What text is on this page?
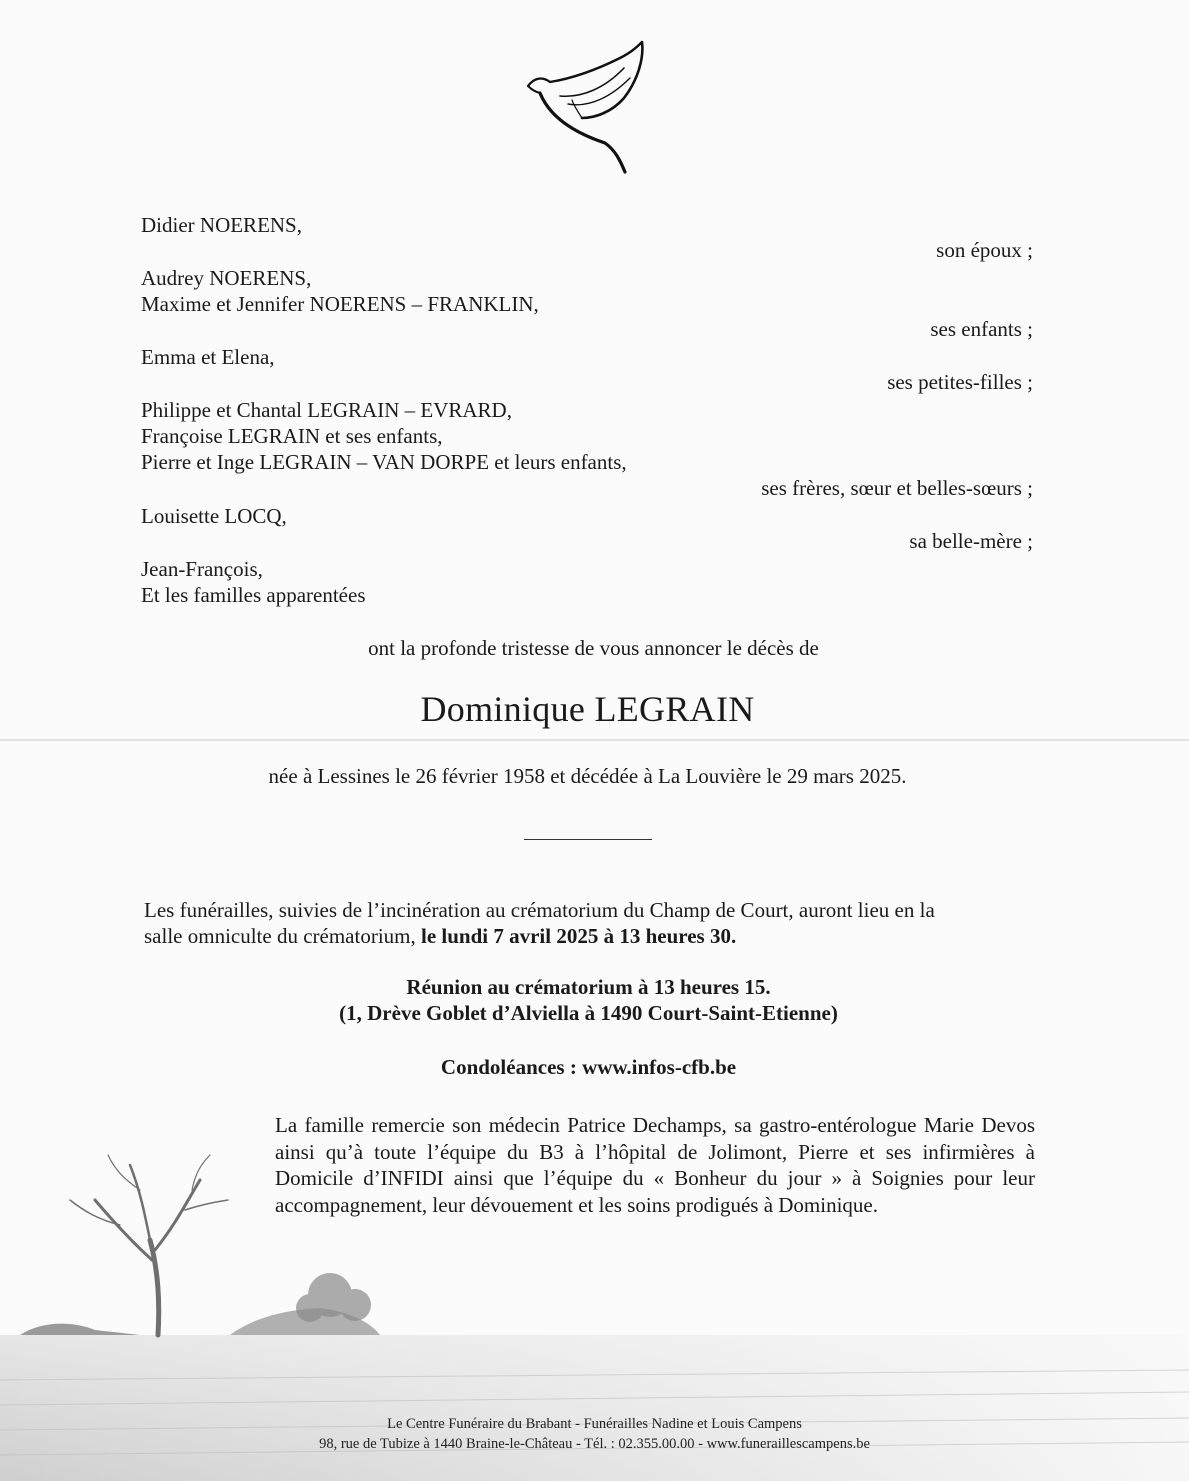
Didier NOERENS,
son époux ;
Audrey NOERENS,
Maxime et Jennifer NOERENS – FRANKLIN,
ses enfants ;
Emma et Elena,
ses petites-filles ;
Philippe et Chantal LEGRAIN – EVRARD,
Françoise LEGRAIN et ses enfants,
Pierre et Inge LEGRAIN – VAN DORPE et leurs enfants,
ses frères, sœur et belles-sœurs ;
Louisette LOCQ,
sa belle-mère ;
Jean-François,
Et les familles apparentées
ont la profonde tristesse de vous annoncer le décès de
Dominique LEGRAIN
née à Lessines le 26 février 1958 et décédée à La Louvière le 29 mars 2025.
Les funérailles, suivies de l’incinération au crématorium du Champ de Court, auront lieu en la
salle omniculte du crématorium, le lundi 7 avril 2025 à 13 heures 30.
Réunion au crématorium à 13 heures 15.
(1, Drève Goblet d’Alviella à 1490 Court-Saint-Etienne)
Condoléances : www.infos-cfb.be
La famille remercie son médecin Patrice Dechamps, sa gastro-entérologue Marie Devos ainsi qu’à toute l’équipe du B3 à l’hôpital de Jolimont, Pierre et ses infirmières à Domicile d’INFIDI ainsi que l’équipe du « Bonheur du jour » à Soignies pour leur accompagnement, leur dévouement et les soins prodigués à Dominique.
Le Centre Funéraire du Brabant - Funérailles Nadine et Louis Campens
98, rue de Tubize à 1440 Braine-le-Château - Tél. : 02.355.00.00 - www.funeraillescampens.be
